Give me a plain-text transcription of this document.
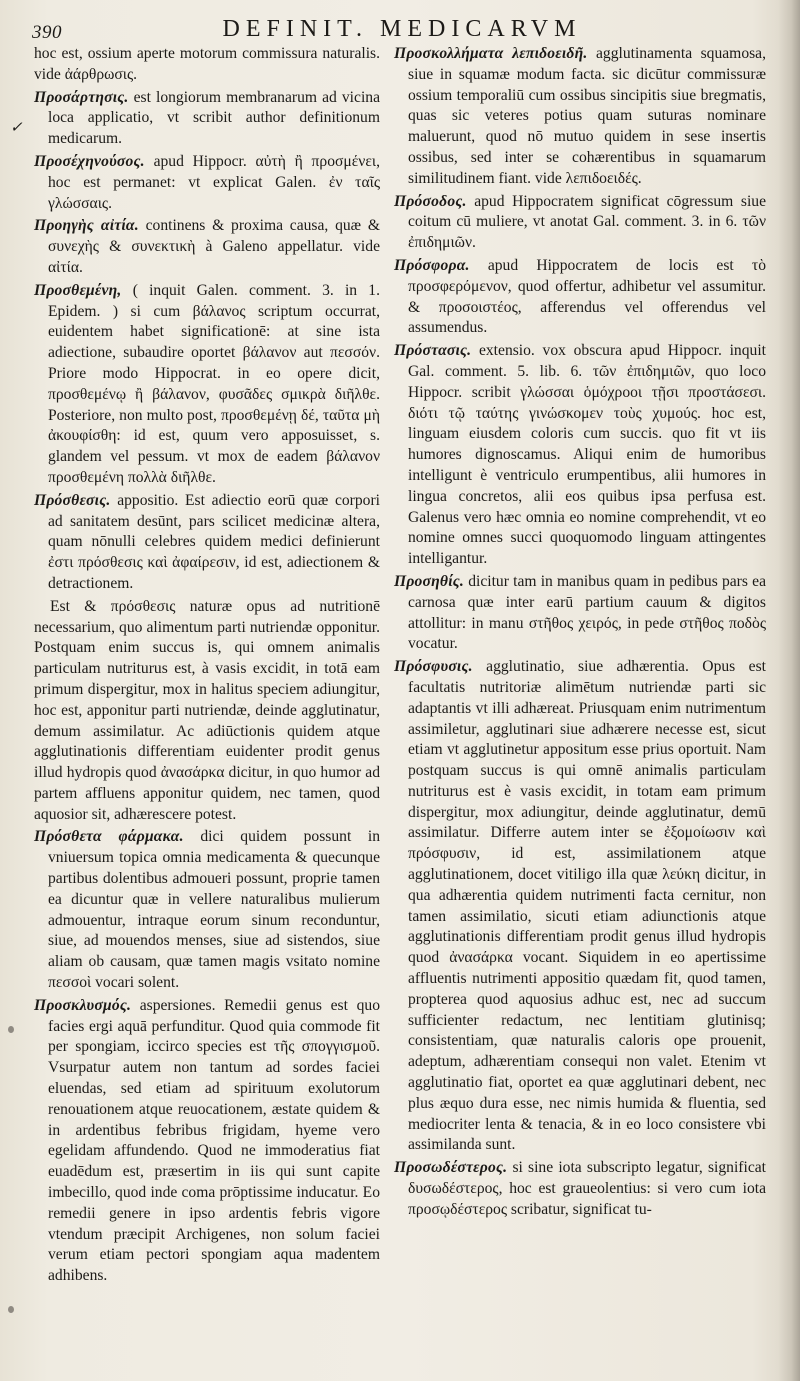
390	DEFINIT. MEDICARVM
✓

hoc est, ossium aperte motorum commissura naturalis. vide ἀάρθρωσις.

Προσάρτησις. est longiorum membranarum ad vicina loca applicatio, vt scribit author definitionum medicarum.

Προσέχηνούσος. apud Hippocr. αὐτὴ ἢ προσμένει, hoc est permanet: vt explicat Galen. ἐν ταῖς γλώσσαις.

Προηγὴς αἰτία. continens & proxima causa, quæ & συνεχὴς & συνεκτικὴ à Galeno appellatur. vide αἰτία.

Προσθεμένη, ( inquit Galen. comment. 3. in 1. Epidem. ) si cum βάλανος scriptum occurrat, euidentem habet significationē: at sine ista adiectione, subaudire oportet βάλανον aut πεσσόν. Priore modo Hippocrat. in eo opere dicit, προσθεμένῳ ἢ βάλανον, φυσᾶδες σμικρὰ διῆλθε. Posteriore, non multo post, προσθεμένῃ δέ, ταῦτα μὴ ἀκουφίσθη: id est, quum vero apposuisset, s. glandem vel pessum. vt mox de eadem βάλανον προσθεμένη πολλὰ διῆλθε.

Πρόσθεσις. appositio. Est adiectio eorū quæ corpori ad sanitatem desūnt, pars scilicet medicinæ altera, quam nōnulli celebres quidem medici definierunt ἐστι πρόσθεσις καὶ ἀφαίρεσιν, id est, adiectionem & detractionem.

Est & πρόσθεσις naturæ opus ad nutritionē necessarium, quo alimentum parti nutriendæ opponitur. Postquam enim succus is, qui omnem animalis particulam nutriturus est, à vasis excidit, in totā eam primum dispergitur, mox in halitus speciem adiungitur, hoc est, apponitur parti nutriendæ, deinde agglutinatur, demum assimilatur. Ac adiūctionis quidem atque agglutinationis differentiam euidenter prodit genus illud hydropis quod ἀνασάρκα dicitur, in quo humor ad partem affluens apponitur quidem, nec tamen, quod aquosior sit, adhærescere potest.

Πρόσθετα φάρμακα. dici quidem possunt in vniuersum topica omnia medicamenta & quecunque partibus dolentibus admoueri possunt, proprie tamen ea dicuntur quæ in vellere naturalibus mulierum admouentur, intraque eorum sinum reconduntur, siue, ad mouendos menses, siue ad sistendos, siue aliam ob causam, quæ tamen magis vsitato nomine πεσσοὶ vocari solent.

Προσκλυσμός. aspersiones. Remedii genus est quo facies ergi aquā perfunditur. Quod quia commode fit per spongiam, iccirco species est τῆς σπογγισμοῦ. Vsurpatur autem non tantum ad sordes faciei eluendas, sed etiam ad spirituum exolutorum renouationem atque reuocationem, æstate quidem & in ardentibus febribus frigidam, hyeme vero egelidam affundendo. Quod ne immoderatius fiat euadēdum est, præsertim in iis qui sunt capite imbecillo, quod inde coma prōptissime inducatur. Eo remedii genere in ipso ardentis febris vigore vtendum præcipit Archigenes, non solum faciei verum etiam pectori spongiam aqua madentem adhibens.

Προσκολλήματα λεπιδοειδῆ. agglutinamenta squamosa, siue in squamæ modum facta. sic dicūtur commissuræ ossium temporaliū cum ossibus sincipitis siue bregmatis, quas sic veteres potius quam suturas nominare maluerunt, quod nō mutuo quidem in sese insertis ossibus, sed inter se cohærentibus in squamarum similitudinem fiant. vide λεπιδοειδές.

Πρόσοδος. apud Hippocratem significat cōgressum siue coitum cū muliere, vt anotat Gal. comment. 3. in 6. τῶν ἐπιδημιῶν.

Πρόσφορα. apud Hippocratem de locis est τὸ προσφερόμενον, quod offertur, adhibetur vel assumitur. & προσοιστέος, afferendus vel offerendus vel assumendus.

Πρόστασις. extensio. vox obscura apud Hippocr. inquit Gal. comment. 5. lib. 6. τῶν ἐπιδημιῶν, quo loco Hippocr. scribit γλώσσαι ὁμόχροοι τῇσι προστάσεσι. διότι τῷ ταύτης γινώσκομεν τοὺς χυμούς. hoc est, linguam eiusdem coloris cum succis. quo fit vt iis humores dignoscamus. Aliqui enim de humoribus intelligunt è ventriculo erumpentibus, alii humores in lingua concretos, alii eos quibus ipsa perfusa est. Galenus vero hæc omnia eo nomine comprehendit, vt eo nomine omnes succi quoquomodo linguam attingentes intelligantur.

Προσηθίς. dicitur tam in manibus quam in pedibus pars ea carnosa quæ inter earū partium cauum & digitos attollitur: in manu στῆθος χειρός, in pede στῆθος ποδὸς vocatur.

Πρόσφυσις. agglutinatio, siue adhærentia. Opus est facultatis nutritoriæ alimētum nutriendæ parti sic adaptantis vt illi adhæreat. Priusquam enim nutrimentum assimiletur, agglutinari siue adhærere necesse est, sicut etiam vt agglutinetur appositum esse prius oportuit. Nam postquam succus is qui omnē animalis particulam nutriturus est è vasis excidit, in totam eam primum dispergitur, mox adiungitur, deinde agglutinatur, demū assimilatur. Differre autem inter se ἐξομοίωσιν καὶ πρόσφυσιν, id est, assimilationem atque agglutinationem, docet vitiligo illa quæ λεύκη dicitur, in qua adhærentia quidem nutrimenti facta cernitur, non tamen assimilatio, sicuti etiam adiunctionis atque agglutinationis differentiam prodit genus illud hydropis quod ἀνασάρκα vocant. Siquidem in eo apertissime affluentis nutrimenti appositio quædam fit, quod tamen, propterea quod aquosius adhuc est, nec ad succum sufficienter redactum, nec lentitiam glutinisq; consistentiam, quæ naturalis caloris ope prouenit, adeptum, adhærentiam consequi non valet. Etenim vt agglutinatio fiat, oportet ea quæ agglutinari debent, nec plus æquo dura esse, nec nimis humida & fluentia, sed mediocriter lenta & tenacia, & in eo loco consistere vbi assimilanda sunt.

Προσωδέστερος. si sine iota subscripto legatur, significat δυσωδέστερος, hoc est graueolentius: si vero cum iota προσῳδέστερος scribatur, significat tu-
